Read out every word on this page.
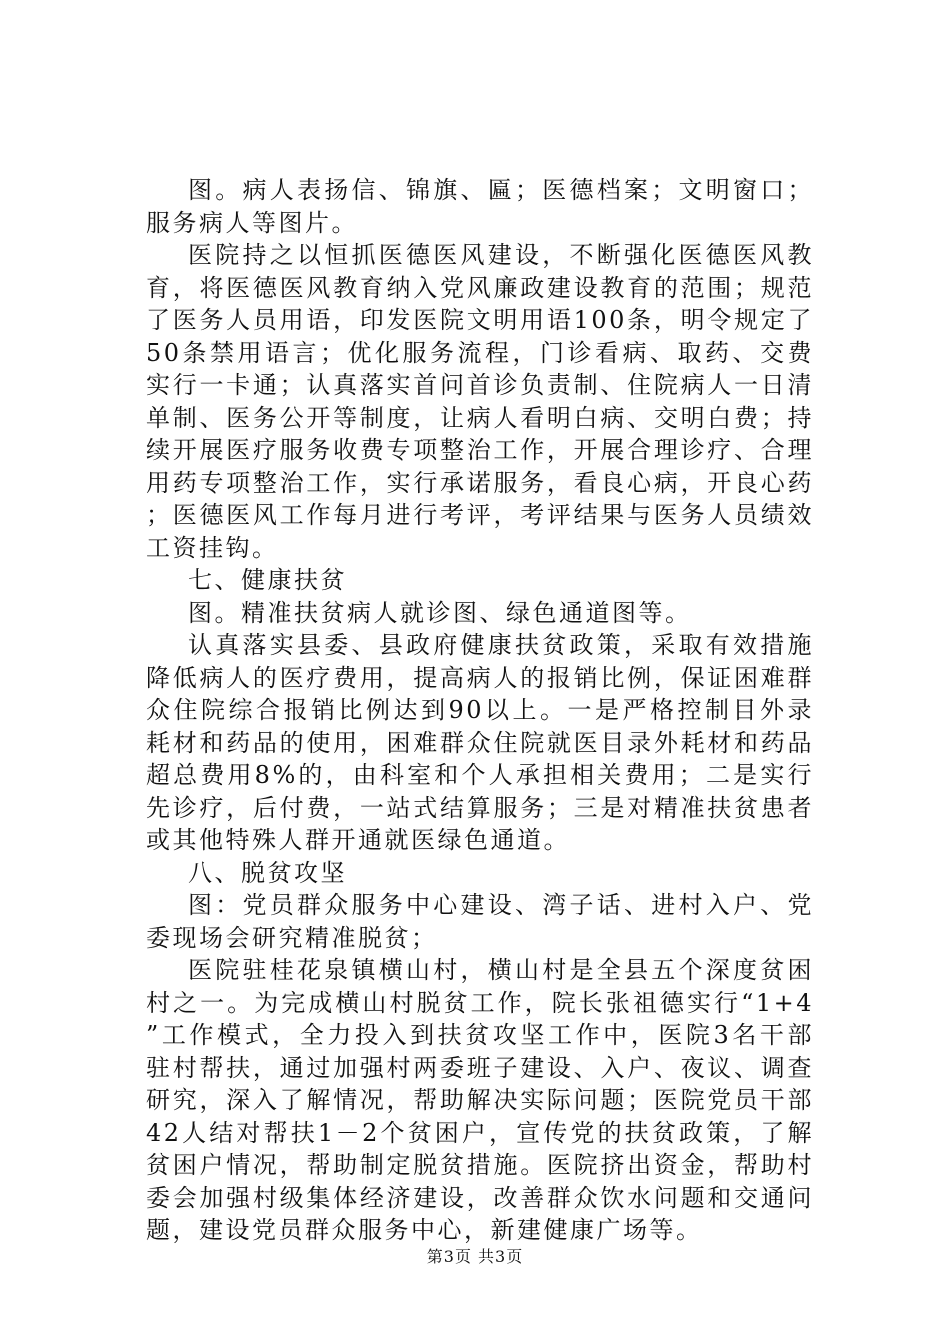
图。病人表扬信、锦旗、匾；医德档案；文明窗口；服务病人等图片。

医院持之以恒抓医德医风建设，不断强化医德医风教育，将医德医风教育纳入党风廉政建设教育的范围；规范了医务人员用语，印发医院文明用语100条，明令规定了50条禁用语言；优化服务流程，门诊看病、取药、交费实行一卡通；认真落实首问首诊负责制、住院病人一日清单制、医务公开等制度，让病人看明白病、交明白费；持续开展医疗服务收费专项整治工作，开展合理诊疗、合理用药专项整治工作，实行承诺服务，看良心病，开良心药；医德医风工作每月进行考评，考评结果与医务人员绩效工资挂钩。

七、健康扶贫

图。精准扶贫病人就诊图、绿色通道图等。

认真落实县委、县政府健康扶贫政策，采取有效措施降低病人的医疗费用，提高病人的报销比例，保证困难群众住院综合报销比例达到90以上。一是严格控制目外录耗材和药品的使用，困难群众住院就医目录外耗材和药品超总费用8%的，由科室和个人承担相关费用；二是实行先诊疗，后付费，一站式结算服务；三是对精准扶贫患者或其他特殊人群开通就医绿色通道。

八、脱贫攻坚

图：党员群众服务中心建设、湾子话、进村入户、党委现场会研究精准脱贫；

医院驻桂花泉镇横山村，横山村是全县五个深度贫困村之一。为完成横山村脱贫工作，院长张祖德实行“1+4”工作模式，全力投入到扶贫攻坚工作中，医院3名干部驻村帮扶，通过加强村两委班子建设、入户、夜议、调查研究，深入了解情况，帮助解决实际问题；医院党员干部42人结对帮扶1－2个贫困户，宣传党的扶贫政策，了解贫困户情况，帮助制定脱贫措施。医院挤出资金，帮助村委会加强村级集体经济建设，改善群众饮水问题和交通问题，建设党员群众服务中心，新建健康广场等。

第3页 共3页
